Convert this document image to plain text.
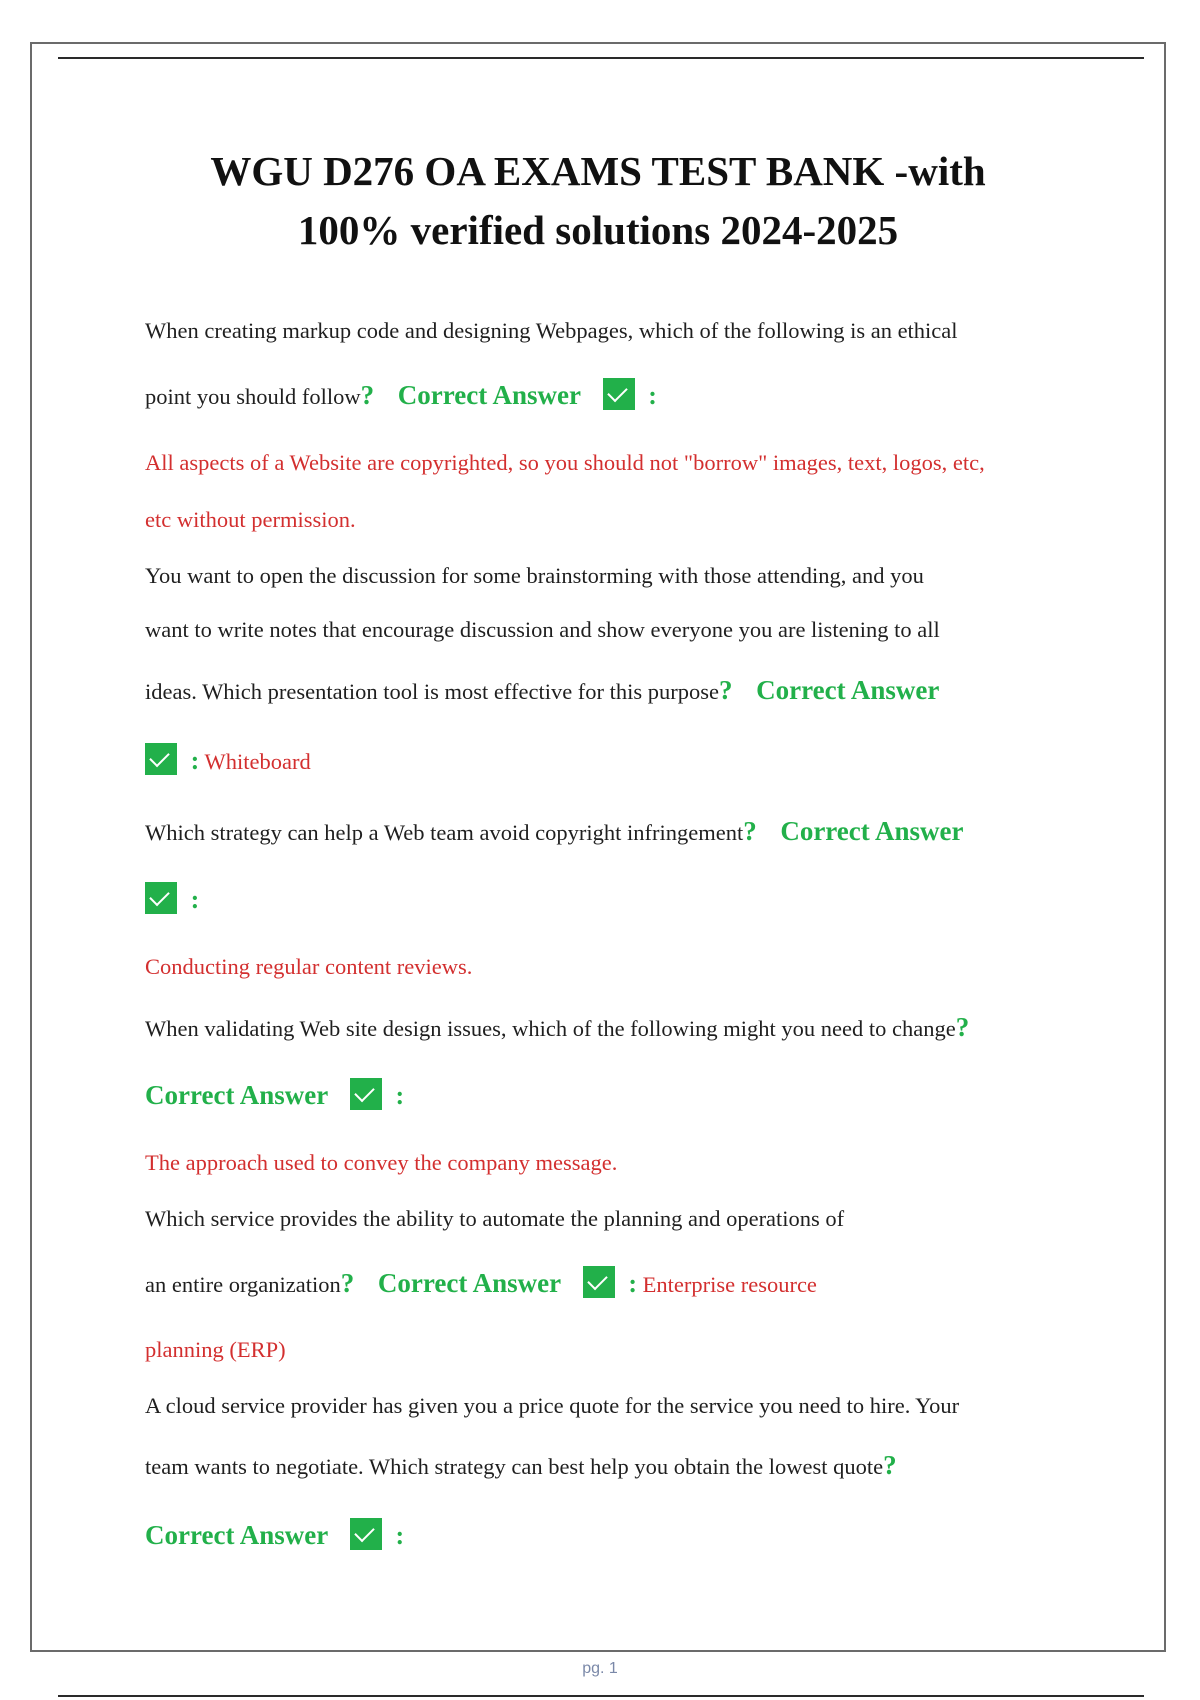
WGU D276 OA EXAMS TEST BANK -with
100% verified solutions 2024-2025
When creating markup code and designing Webpages, which of the following is an ethical
point you should follow? Correct Answer	:
All aspects of a Website are copyrighted, so you should not "borrow" images, text, logos, etc,
etc without permission.
You want to open the discussion for some brainstorming with those attending, and you
want to write notes that encourage discussion and show everyone you are listening to all
ideas. Which presentation tool is most effective for this purpose? Correct Answer
: Whiteboard
Which strategy can help a Web team avoid copyright infringement? Correct Answer
:
Conducting regular content reviews.
When validating Web site design issues, which of the following might you need to change?
Correct Answer	:
The approach used to convey the company message.
Which service provides the ability to automate the planning and operations of
an entire organization? Correct Answer	: Enterprise resource
planning (ERP)
A cloud service provider has given you a price quote for the service you need to hire. Your
team wants to negotiate. Which strategy can best help you obtain the lowest quote?
Correct Answer	:
pg. 1
